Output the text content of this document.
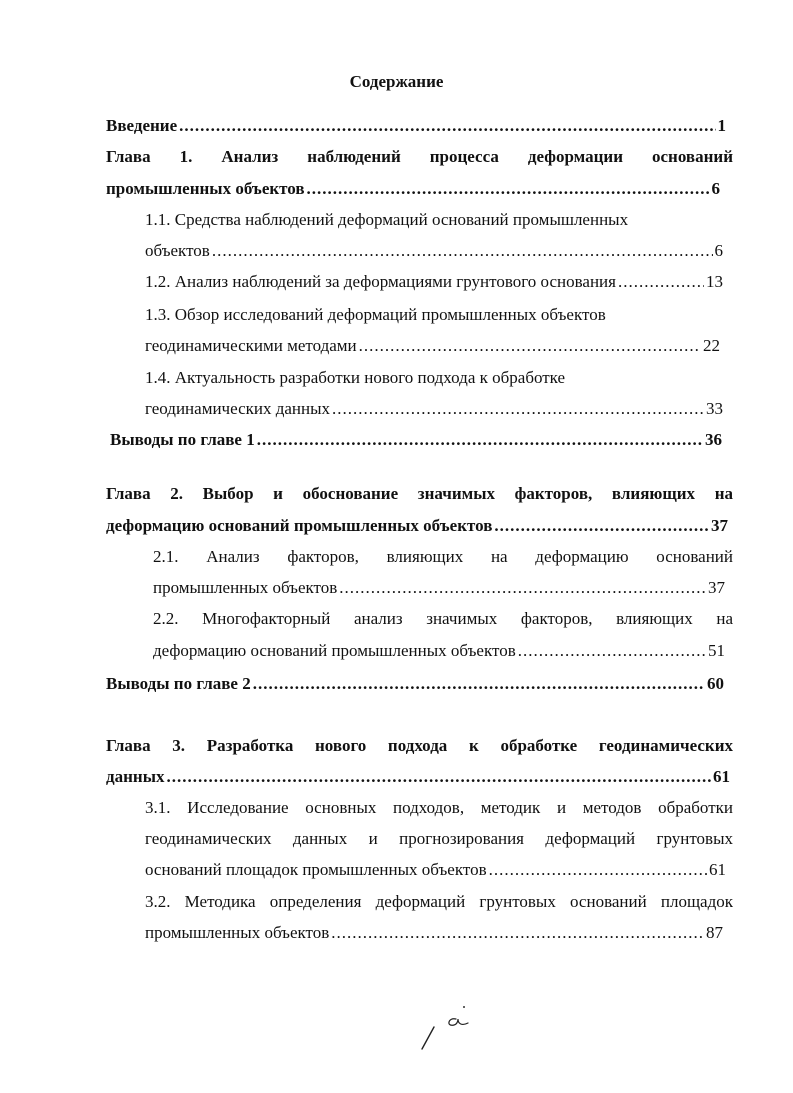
Содержание
Введение .....	1
Глава 1. Анализ наблюдений процесса деформации оснований
промышленных объектов .....	6
1.1. Средства наблюдений деформаций оснований промышленных
объектов .....	6
1.2. Анализ наблюдений за деформациями грунтового основания .....	13
1.3. Обзор исследований деформаций промышленных объектов
геодинамическими методами .....	22
1.4. Актуальность разработки нового подхода к обработке
геодинамических данных .....	33
Выводы по главе 1 .....	36
Глава 2. Выбор и обоснование значимых факторов, влияющих на
деформацию оснований промышленных объектов .....	37
2.1. Анализ факторов, влияющих на деформацию оснований
промышленных объектов .....	37
2.2. Многофакторный анализ значимых факторов, влияющих на
деформацию оснований промышленных объектов .....	51
Выводы по главе 2 .....	60
Глава 3. Разработка нового подхода к обработке геодинамических
данных .....	61
3.1. Исследование основных подходов, методик и методов обработки
геодинамических данных и прогнозирования деформаций грунтовых
оснований площадок промышленных объектов .....	61
3.2. Методика определения деформаций грунтовых оснований площадок
промышленных объектов .....	87
